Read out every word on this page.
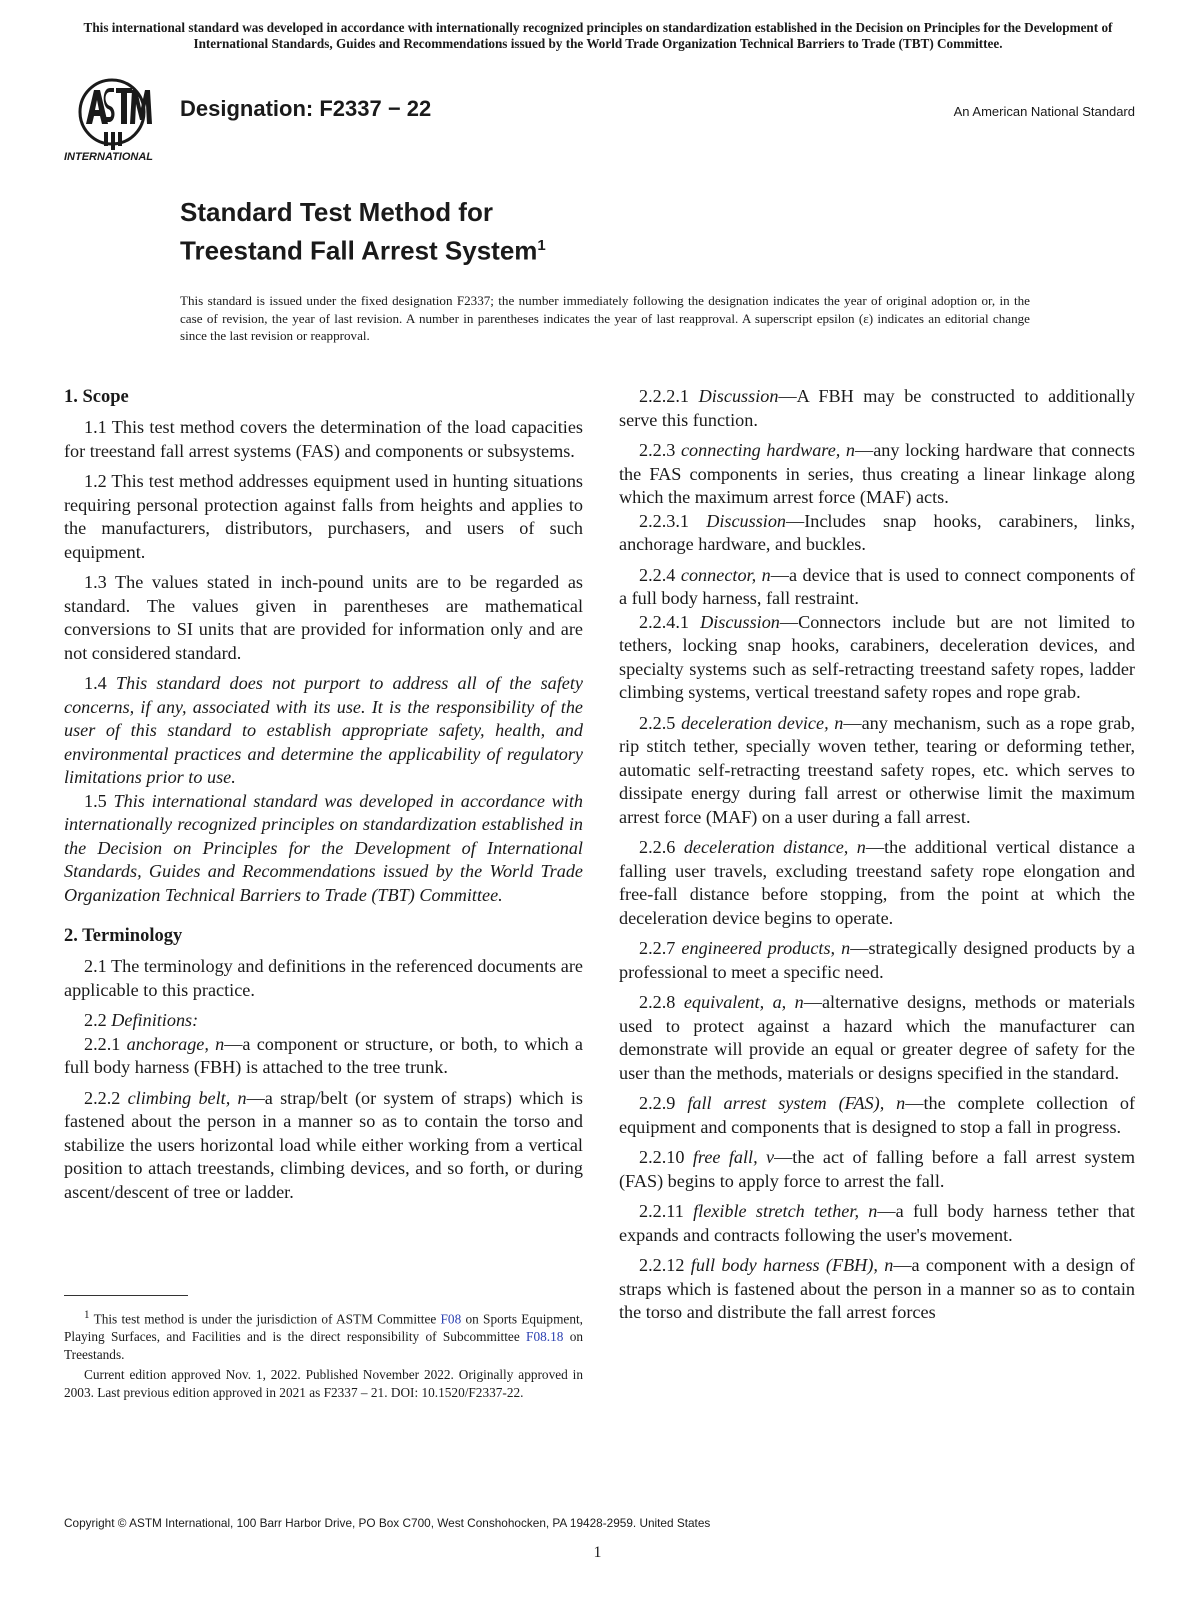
This international standard was developed in accordance with internationally recognized principles on standardization established in the Decision on Principles for the Development of International Standards, Guides and Recommendations issued by the World Trade Organization Technical Barriers to Trade (TBT) Committee.
INTERNATIONAL
Designation: F2337 − 22	An American National Standard
Standard Test Method for
Treestand Fall Arrest System$^1$
This standard is issued under the fixed designation F2337; the number immediately following the designation indicates the year of original adoption or, in the case of revision, the year of last revision. A number in parentheses indicates the year of last reapproval. A superscript epsilon (ε) indicates an editorial change since the last revision or reapproval.
1. Scope

1.1 This test method covers the determination of the load capacities for treestand fall arrest systems (FAS) and components or subsystems.

1.2 This test method addresses equipment used in hunting situations requiring personal protection against falls from heights and applies to the manufacturers, distributors, purchasers, and users of such equipment.

1.3 The values stated in inch-pound units are to be regarded as standard. The values given in parentheses are mathematical conversions to SI units that are provided for information only and are not considered standard.

1.4 This standard does not purport to address all of the safety concerns, if any, associated with its use. It is the responsibility of the user of this standard to establish appropriate safety, health, and environmental practices and determine the applicability of regulatory limitations prior to use.

1.5 This international standard was developed in accordance with internationally recognized principles on standardization established in the Decision on Principles for the Development of International Standards, Guides and Recommendations issued by the World Trade Organization Technical Barriers to Trade (TBT) Committee.

2. Terminology

2.1 The terminology and definitions in the referenced documents are applicable to this practice.

2.2 Definitions:

2.2.1 anchorage, n—a component or structure, or both, to which a full body harness (FBH) is attached to the tree trunk.

2.2.2 climbing belt, n—a strap/belt (or system of straps) which is fastened about the person in a manner so as to contain the torso and stabilize the users horizontal load while either working from a vertical position to attach treestands, climbing devices, and so forth, or during ascent/descent of tree or ladder.

$^1$ This test method is under the jurisdiction of ASTM Committee F08 on Sports Equipment, Playing Surfaces, and Facilities and is the direct responsibility of Subcommittee F08.18 on Treestands.

Current edition approved Nov. 1, 2022. Published November 2022. Originally approved in 2003. Last previous edition approved in 2021 as F2337 – 21. DOI: 10.1520/F2337-22.

2.2.2.1 Discussion—A FBH may be constructed to additionally serve this function.

2.2.3 connecting hardware, n—any locking hardware that connects the FAS components in series, thus creating a linear linkage along which the maximum arrest force (MAF) acts.

2.2.3.1 Discussion—Includes snap hooks, carabiners, links, anchorage hardware, and buckles.

2.2.4 connector, n—a device that is used to connect components of a full body harness, fall restraint.

2.2.4.1 Discussion—Connectors include but are not limited to tethers, locking snap hooks, carabiners, deceleration devices, and specialty systems such as self-retracting treestand safety ropes, ladder climbing systems, vertical treestand safety ropes and rope grab.

2.2.5 deceleration device, n—any mechanism, such as a rope grab, rip stitch tether, specially woven tether, tearing or deforming tether, automatic self-retracting treestand safety ropes, etc. which serves to dissipate energy during fall arrest or otherwise limit the maximum arrest force (MAF) on a user during a fall arrest.

2.2.6 deceleration distance, n—the additional vertical distance a falling user travels, excluding treestand safety rope elongation and free-fall distance before stopping, from the point at which the deceleration device begins to operate.

2.2.7 engineered products, n—strategically designed products by a professional to meet a specific need.

2.2.8 equivalent, a, n—alternative designs, methods or materials used to protect against a hazard which the manufacturer can demonstrate will provide an equal or greater degree of safety for the user than the methods, materials or designs specified in the standard.

2.2.9 fall arrest system (FAS), n—the complete collection of equipment and components that is designed to stop a fall in progress.

2.2.10 free fall, v—the act of falling before a fall arrest system (FAS) begins to apply force to arrest the fall.

2.2.11 flexible stretch tether, n—a full body harness tether that expands and contracts following the user's movement.

2.2.12 full body harness (FBH), n—a component with a design of straps which is fastened about the person in a manner so as to contain the torso and distribute the fall arrest forces

Copyright © ASTM International, 100 Barr Harbor Drive, PO Box C700, West Conshohocken, PA 19428-2959. United States
1
